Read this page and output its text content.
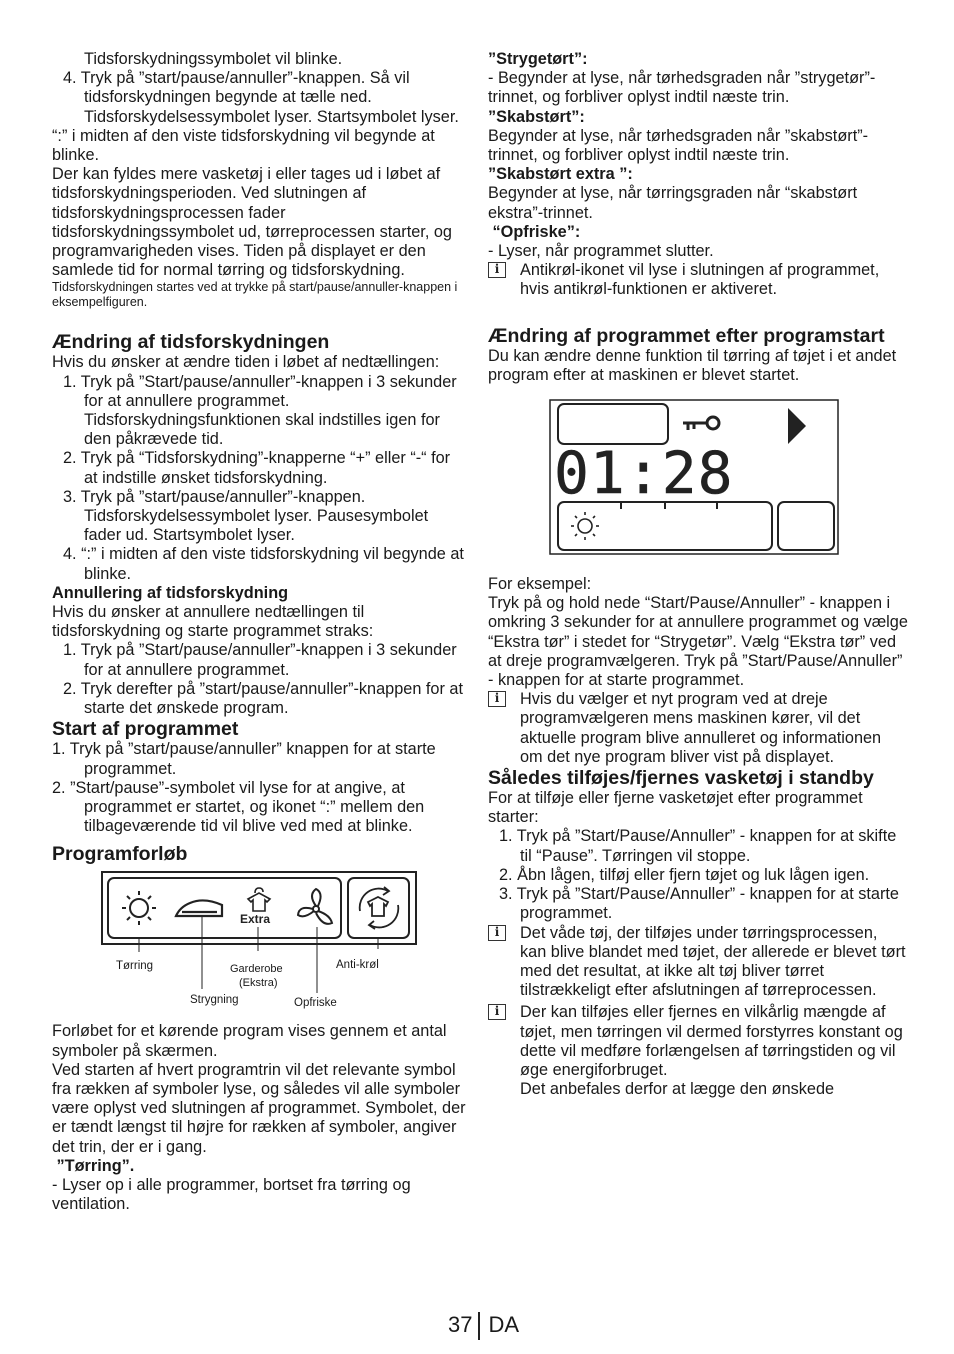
Tidsforskydningssymbolet vil blinke.

4. Tryk på ”start/pause/annuller”-knappen. Så vil tidsforskydningen begynde at tælle ned. Tidsforskydelsessymbolet lyser. Startsymbolet lyser.

“:” i midten af den viste tidsforskydning vil begynde at blinke.

Der kan fyldes mere vasketøj i eller tages ud i løbet af tidsforskydningsperioden. Ved slutningen af tidsforskydningsprocessen fader tidsforskydningssymbolet ud, tørreprocessen starter, og programvarigheden vises. Tiden på displayet er den samlede tid for normal tørring og tidsforskydning.

Tidsforskydningen startes ved at trykke på start/pause/annuller-knappen i eksempelfiguren.

Ændring af tidsforskydningen

Hvis du ønsker at ændre tiden i løbet af nedtællingen:

1. Tryk på ”Start/pause/annuller”-knappen i 3 sekunder for at annullere programmet. Tidsforskydningsfunktionen skal indstilles igen for den påkrævede tid.

2. Tryk på “Tidsforskydning”-knapperne “+” eller “-“ for at indstille ønsket tidsforskydning.

3. Tryk på ”start/pause/annuller”-knappen. Tidsforskydelsessymbolet lyser. Pausesymbolet fader ud. Startsymbolet lyser.

4. “:” i midten af den viste tidsforskydning vil begynde at blinke.

Annullering af tidsforskydning

Hvis du ønsker at annullere nedtællingen til tidsforskydning og starte programmet straks:

1. Tryk på ”Start/pause/annuller”-knappen i 3 sekunder for at annullere programmet.

2. Tryk derefter på ”start/pause/annuller”-knappen for at starte det ønskede program.

Start af programmet

1. Tryk på ”start/pause/annuller” knappen for at starte programmet.

2. ”Start/pause”-symbolet vil lyse for at angive, at programmet er startet, og ikonet “:” mellem den tilbageværende tid vil blive ved med at blinke.

Programforløb
Extra
Tørring
Strygning
Garderobe
(Ekstra)
Opfriske
Anti-krøl

Forløbet for et kørende program vises gennem et antal symboler på skærmen.

Ved starten af hvert programtrin vil det relevante symbol fra rækken af symboler lyse, og således vil alle symboler være oplyst ved slutningen af programmet. Symbolet, der er tændt længst til højre for rækken af symboler, angiver det trin, der er i gang.

”Tørring”.

- Lyser op i alle programmer, bortset fra tørring og ventilation.

”Strygetørt”:

- Begynder at lyse, når tørhedsgraden når ”strygetør”-trinnet, og forbliver oplyst indtil næste trin.

”Skabstørt”:

Begynder at lyse, når tørhedsgraden når ”skabstørt”-trinnet, og forbliver oplyst indtil næste trin.

”Skabstørt extra ”:

Begynder at lyse, når tørringsgraden når “skabstørt ekstra”-trinnet.

“Opfriske”:

- Lyser, når programmet slutter.

i	Antikrøl-ikonet vil lyse i slutningen af programmet, hvis antikrøl-funktionen er aktiveret.

Ændring af programmet efter programstart

Du kan ændre denne funktion til tørring af tøjet i et andet program efter at maskinen er blevet startet.

01:28

For eksempel:

Tryk på og hold nede “Start/Pause/Annuller” - knappen i omkring 3 sekunder for at annullere programmet og vælge “Ekstra tør” i stedet for “Strygetør”. Vælg “Ekstra tør” ved at dreje programvælgeren. Tryk på ”Start/Pause/Annuller” - knappen for at starte programmet.

i	Hvis du vælger et nyt program ved at dreje programvælgeren mens maskinen kører, vil det aktuelle program blive annulleret og informationen om det nye program bliver vist på displayet.

Således tilføjes/fjernes vasketøj i standby

For at tilføje eller fjerne vasketøjet efter programmet starter:

1. Tryk på ”Start/Pause/Annuller” - knappen for at skifte til “Pause”. Tørringen vil stoppe.

2. Åbn lågen, tilføj eller fjern tøjet og luk lågen igen.

3. Tryk på ”Start/Pause/Annuller” - knappen for at starte programmet.

i	Det våde tøj, der tilføjes under tørringsprocessen, kan blive blandet med tøjet, der allerede er blevet tørt med det resultat, at ikke alt tøj bliver tørret tilstrækkeligt efter afslutningen af tørreprocessen.

i	Der kan tilføjes eller fjernes en vilkårlig mængde af tøjet, men tørringen vil dermed forstyrres konstant og dette vil medføre forlængelsen af tørringstiden og vil øge energiforbruget.

Det anbefales derfor at lægge den ønskede

37 DA
